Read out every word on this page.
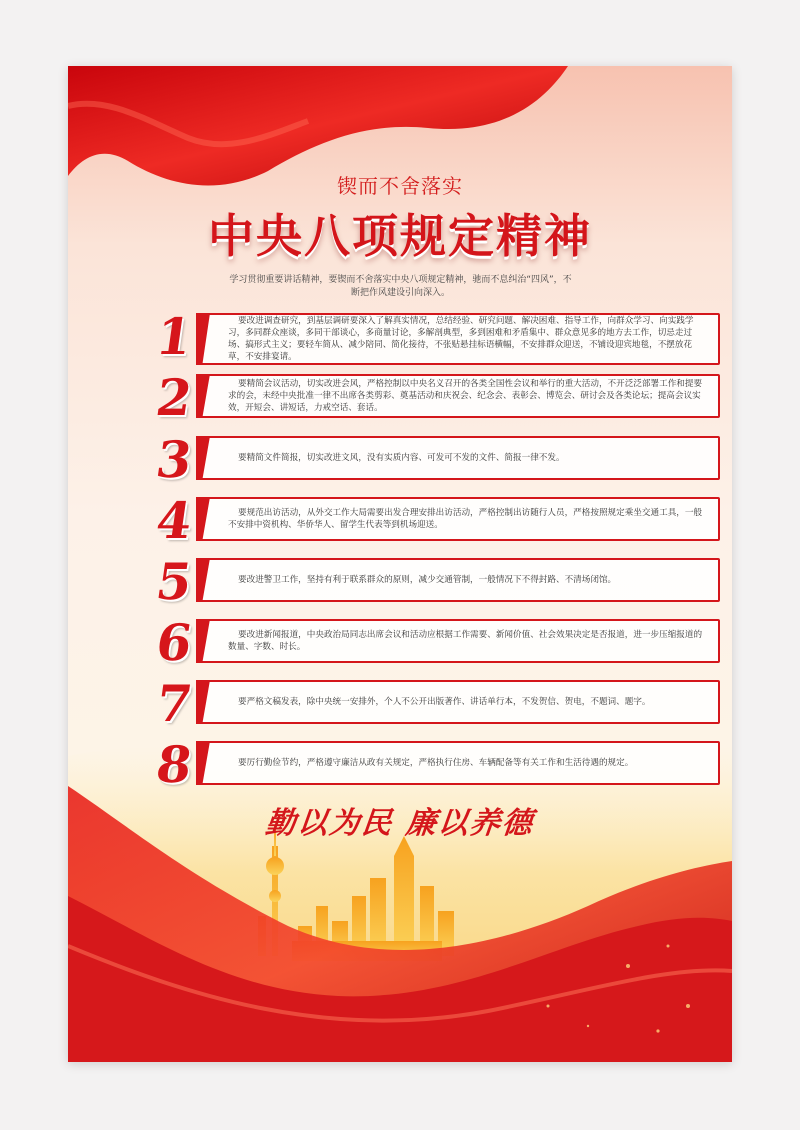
锲而不舍落实
中央八项规定精神
学习贯彻重要讲话精神，要锲而不舍落实中央八项规定精神，驰而不息纠治“四风”，不断把作风建设引向深入。
1	要改进调查研究，到基层调研要深入了解真实情况，总结经验、研究问题、解决困难、指导工作，向群众学习、向实践学习，多同群众座谈，多同干部谈心，多商量讨论，多解剖典型，多到困难和矛盾集中、群众意见多的地方去工作，切忌走过场、搞形式主义；要轻车简从、减少陪同、简化接待，不张贴悬挂标语横幅，不安排群众迎送，不铺设迎宾地毯，不摆放花草，不安排宴请。
2	要精简会议活动，切实改进会风，严格控制以中央名义召开的各类全国性会议和举行的重大活动，不开泛泛部署工作和提要求的会，未经中央批准一律不出席各类剪彩、奠基活动和庆祝会、纪念会、表彰会、博览会、研讨会及各类论坛；提高会议实效，开短会、讲短话，力戒空话、套话。
3	要精简文件简报，切实改进文风，没有实质内容、可发可不发的文件、简报一律不发。
4	要规范出访活动，从外交工作大局需要出发合理安排出访活动，严格控制出访随行人员，严格按照规定乘坐交通工具，一般不安排中资机构、华侨华人、留学生代表等到机场迎送。
5	要改进警卫工作，坚持有利于联系群众的原则，减少交通管制，一般情况下不得封路、不清场闭馆。
6	要改进新闻报道，中央政治局同志出席会议和活动应根据工作需要、新闻价值、社会效果决定是否报道，进一步压缩报道的数量、字数、时长。
7	要严格文稿发表，除中央统一安排外，个人不公开出版著作、讲话单行本，不发贺信、贺电，不题词、题字。
8	要厉行勤俭节约，严格遵守廉洁从政有关规定，严格执行住房、车辆配备等有关工作和生活待遇的规定。
勤以为民 廉以养德
